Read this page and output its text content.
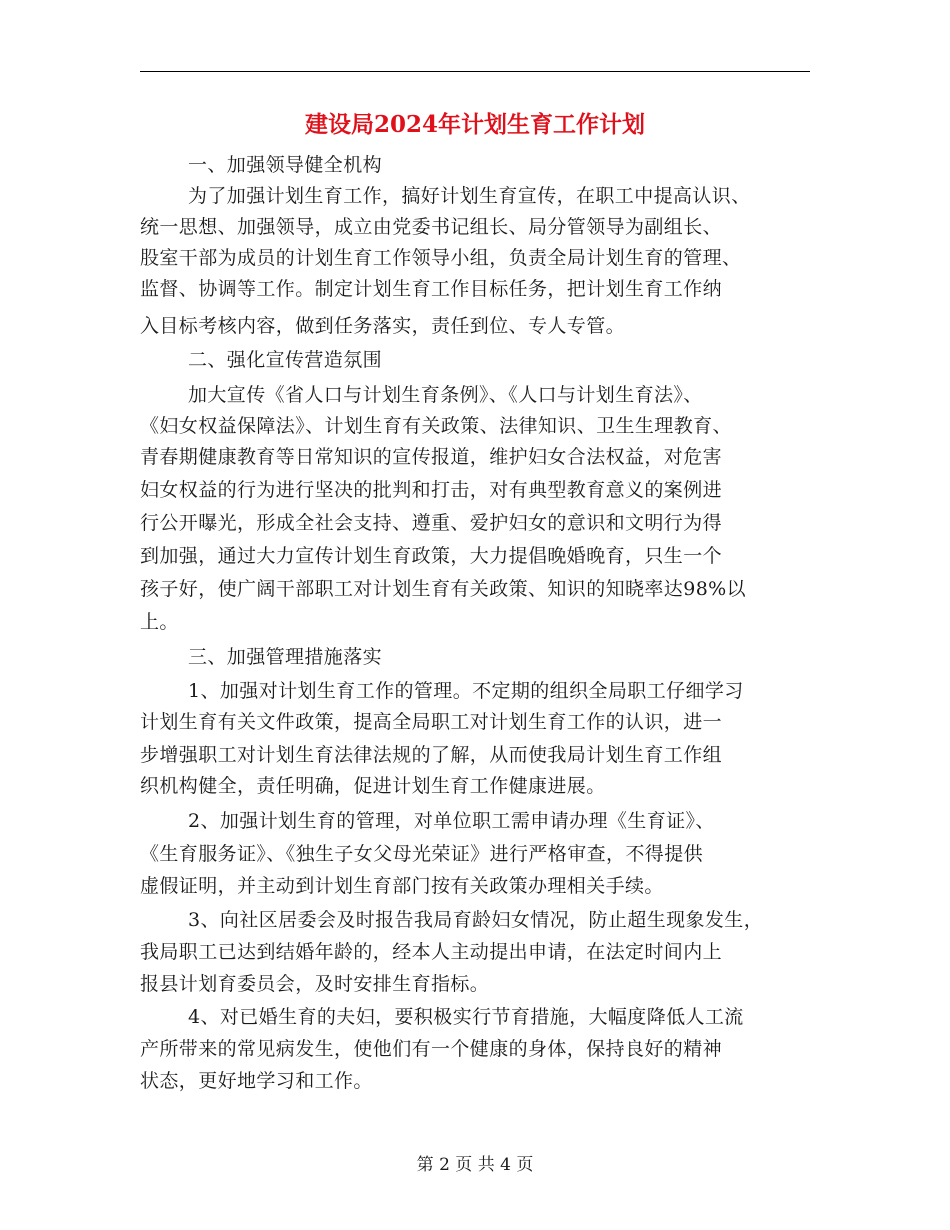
建设局2024年计划生育工作计划
一、加强领导健全机构
为了加强计划生育工作，搞好计划生育宣传，在职工中提高认识、
统一思想、加强领导，成立由党委书记组长、局分管领导为副组长、
股室干部为成员的计划生育工作领导小组，负责全局计划生育的管理、
监督、协调等工作。制定计划生育工作目标任务，把计划生育工作纳
入目标考核内容，做到任务落实，责任到位、专人专管。
二、强化宣传营造氛围
加大宣传《省人口与计划生育条例》、《人口与计划生育法》、
《妇女权益保障法》、计划生育有关政策、法律知识、卫生生理教育、
青春期健康教育等日常知识的宣传报道，维护妇女合法权益，对危害
妇女权益的行为进行坚决的批判和打击，对有典型教育意义的案例进
行公开曝光，形成全社会支持、遵重、爱护妇女的意识和文明行为得
到加强，通过大力宣传计划生育政策，大力提倡晚婚晚育，只生一个
孩子好，使广阔干部职工对计划生育有关政策、知识的知晓率达98%以
上。
三、加强管理措施落实
1、加强对计划生育工作的管理。不定期的组织全局职工仔细学习
计划生育有关文件政策，提高全局职工对计划生育工作的认识，进一
步增强职工对计划生育法律法规的了解，从而使我局计划生育工作组
织机构健全，责任明确，促进计划生育工作健康进展。
2、加强计划生育的管理，对单位职工需申请办理《生育证》、
《生育服务证》、《独生子女父母光荣证》进行严格审查，不得提供
虚假证明，并主动到计划生育部门按有关政策办理相关手续。
3、向社区居委会及时报告我局育龄妇女情况，防止超生现象发生，
我局职工已达到结婚年龄的，经本人主动提出申请，在法定时间内上
报县计划育委员会，及时安排生育指标。
4、对已婚生育的夫妇，要积极实行节育措施，大幅度降低人工流
产所带来的常见病发生，使他们有一个健康的身体，保持良好的精神
状态，更好地学习和工作。
第 2 页 共 4 页
